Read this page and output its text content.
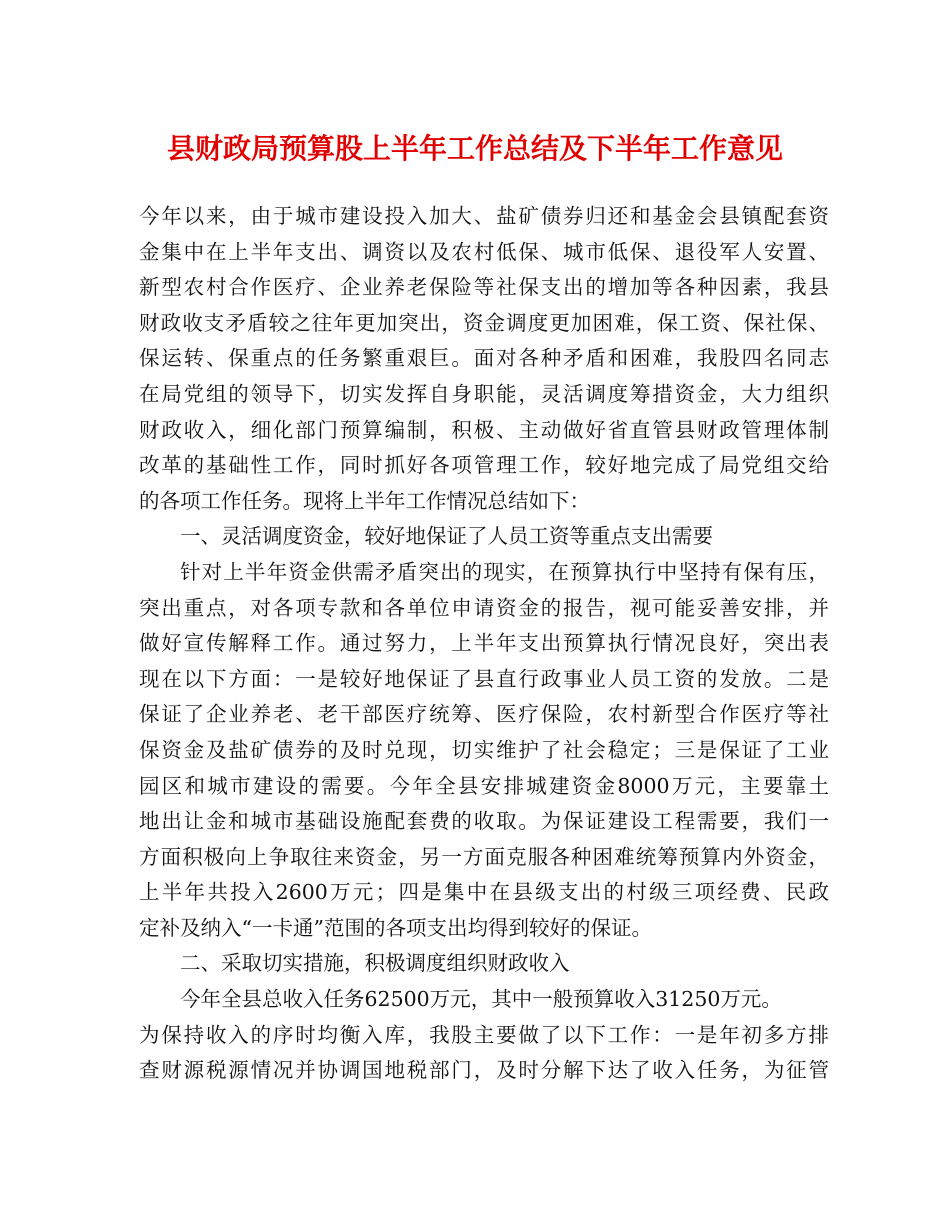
县财政局预算股上半年工作总结及下半年工作意见
今年以来，由于城市建设投入加大、盐矿债券归还和基金会县镇配套资
金集中在上半年支出、调资以及农村低保、城市低保、退役军人安置、
新型农村合作医疗、企业养老保险等社保支出的增加等各种因素，我县
财政收支矛盾较之往年更加突出，资金调度更加困难，保工资、保社保、
保运转、保重点的任务繁重艰巨。面对各种矛盾和困难，我股四名同志
在局党组的领导下，切实发挥自身职能，灵活调度筹措资金，大力组织
财政收入，细化部门预算编制，积极、主动做好省直管县财政管理体制
改革的基础性工作，同时抓好各项管理工作，较好地完成了局党组交给
的各项工作任务。现将上半年工作情况总结如下：
一、灵活调度资金，较好地保证了人员工资等重点支出需要
针对上半年资金供需矛盾突出的现实，在预算执行中坚持有保有压，
突出重点，对各项专款和各单位申请资金的报告，视可能妥善安排，并
做好宣传解释工作。通过努力，上半年支出预算执行情况良好，突出表
现在以下方面：一是较好地保证了县直行政事业人员工资的发放。二是
保证了企业养老、老干部医疗统筹、医疗保险，农村新型合作医疗等社
保资金及盐矿债券的及时兑现，切实维护了社会稳定；三是保证了工业
园区和城市建设的需要。今年全县安排城建资金8000万元，主要靠土
地出让金和城市基础设施配套费的收取。为保证建设工程需要，我们一
方面积极向上争取往来资金，另一方面克服各种困难统筹预算内外资金，
上半年共投入2600万元；四是集中在县级支出的村级三项经费、民政
定补及纳入“一卡通”范围的各项支出均得到较好的保证。
二、采取切实措施，积极调度组织财政收入
今年全县总收入任务62500万元，其中一般预算收入31250万元。
为保持收入的序时均衡入库，我股主要做了以下工作：一是年初多方排
查财源税源情况并协调国地税部门，及时分解下达了收入任务，为征管
